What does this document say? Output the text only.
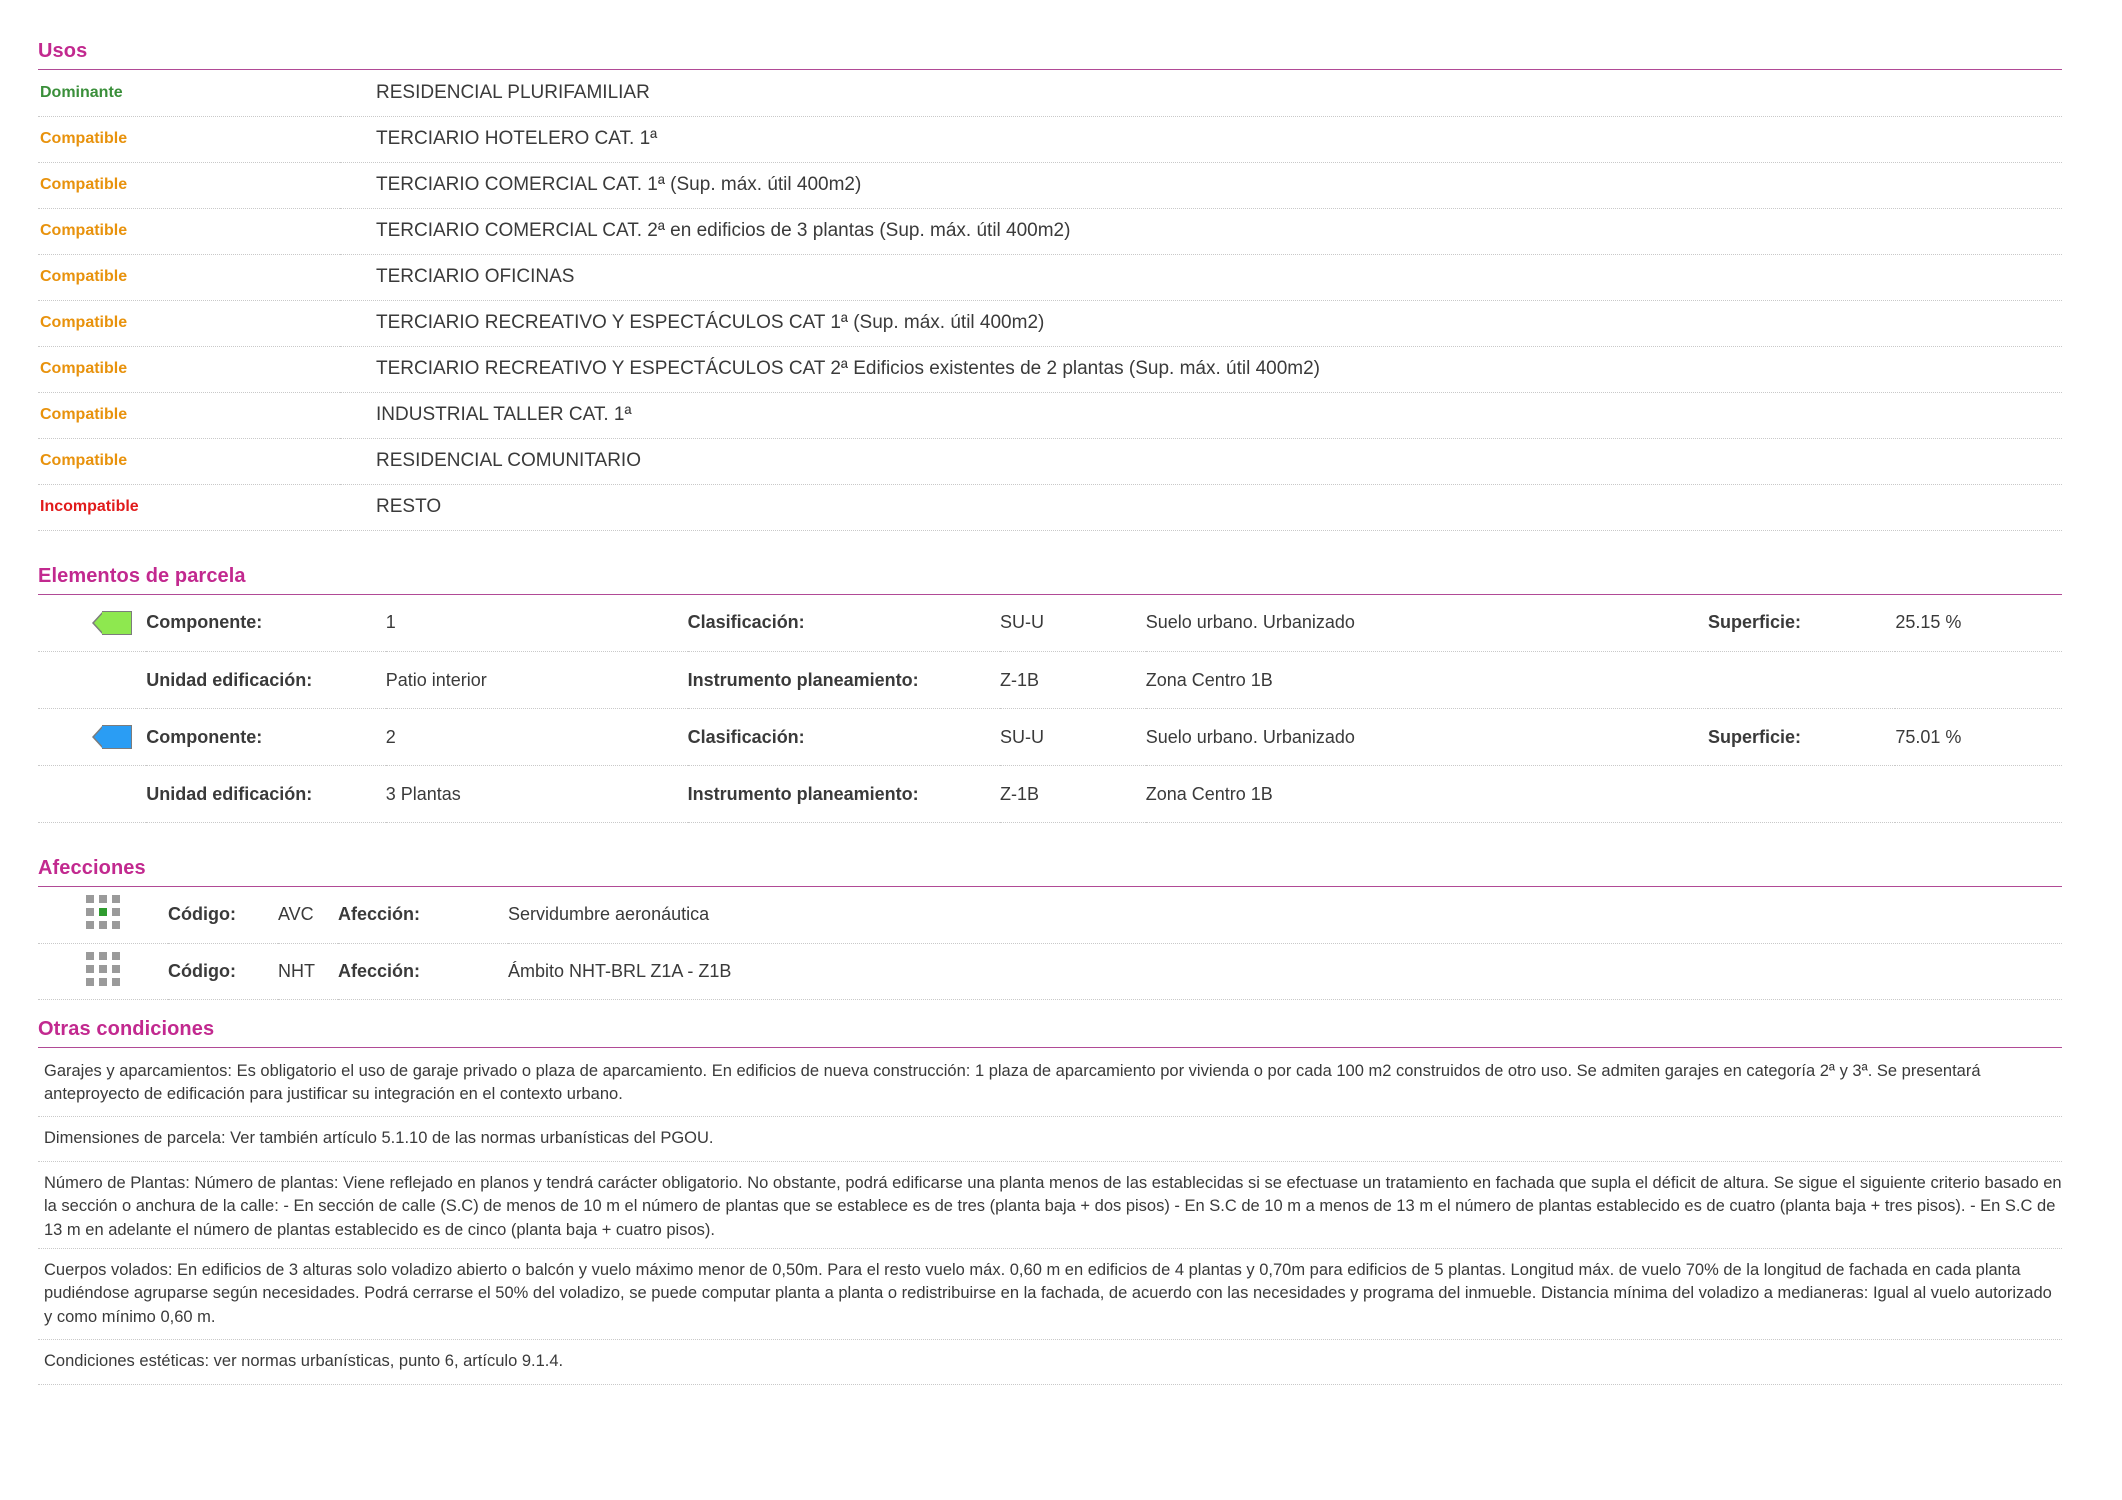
Usos
Dominante	RESIDENCIAL PLURIFAMILIAR
Compatible	TERCIARIO HOTELERO CAT. 1ª
Compatible	TERCIARIO COMERCIAL CAT. 1ª (Sup. máx. útil 400m2)
Compatible	TERCIARIO COMERCIAL CAT. 2ª en edificios de 3 plantas (Sup. máx. útil 400m2)
Compatible	TERCIARIO OFICINAS
Compatible	TERCIARIO RECREATIVO Y ESPECTÁCULOS CAT 1ª (Sup. máx. útil 400m2)
Compatible	TERCIARIO RECREATIVO Y ESPECTÁCULOS CAT 2ª Edificios existentes de 2 plantas (Sup. máx. útil 400m2)
Compatible	INDUSTRIAL TALLER CAT. 1ª
Compatible	RESIDENCIAL COMUNITARIO
Incompatible	RESTO
Elementos de parcela
	Componente:	1	Clasificación:	SU-U	Suelo urbano. Urbanizado	Superficie:	25.15 %
	Unidad edificación:	Patio interior	Instrumento planeamiento:	Z-1B	Zona Centro 1B		

	Componente:	2	Clasificación:	SU-U	Suelo urbano. Urbanizado	Superficie:	75.01 %
	Unidad edificación:	3 Plantas	Instrumento planeamiento:	Z-1B	Zona Centro 1B		
Afecciones
	Código:	AVC	Afección:	Servidumbre aeronáutica

	Código:	NHT	Afección:	Ámbito NHT-BRL Z1A - Z1B
Otras condiciones
Garajes y aparcamientos: Es obligatorio el uso de garaje privado o plaza de aparcamiento. En edificios de nueva construcción: 1 plaza de aparcamiento por vivienda o por cada 100 m2 construidos de otro uso. Se admiten garajes en categoría 2ª y 3ª. Se presentará anteproyecto de edificación para justificar su integración en el contexto urbano.
Dimensiones de parcela: Ver también artículo 5.1.10 de las normas urbanísticas del PGOU.
Número de Plantas: Número de plantas: Viene reflejado en planos y tendrá carácter obligatorio. No obstante, podrá edificarse una planta menos de las establecidas si se efectuase un tratamiento en fachada que supla el déficit de altura. Se sigue el siguiente criterio basado en la sección o anchura de la calle: - En sección de calle (S.C) de menos de 10 m el número de plantas que se establece es de tres (planta baja + dos pisos) - En S.C de 10 m a menos de 13 m el número de plantas establecido es de cuatro (planta baja + tres pisos). - En S.C de 13 m en adelante el número de plantas establecido es de cinco (planta baja + cuatro pisos).
Cuerpos volados: En edificios de 3 alturas solo voladizo abierto o balcón y vuelo máximo menor de 0,50m. Para el resto vuelo máx. 0,60 m en edificios de 4 plantas y 0,70m para edificios de 5 plantas. Longitud máx. de vuelo 70% de la longitud de fachada en cada planta pudiéndose agruparse según necesidades. Podrá cerrarse el 50% del voladizo, se puede computar planta a planta o redistribuirse en la fachada, de acuerdo con las necesidades y programa del inmueble. Distancia mínima del voladizo a medianeras: Igual al vuelo autorizado y como mínimo 0,60 m.
Condiciones estéticas: ver normas urbanísticas, punto 6, artículo 9.1.4.
